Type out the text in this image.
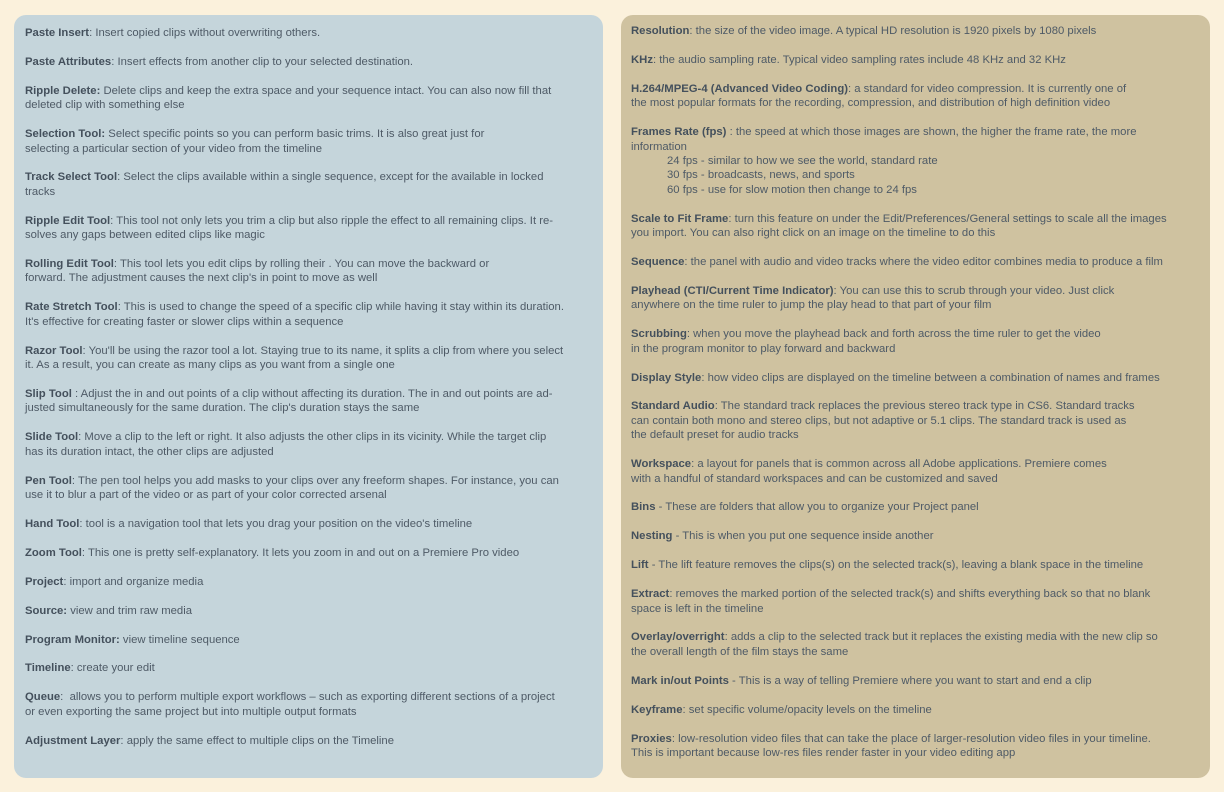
Paste Insert: Insert copied clips without overwriting others.
Paste Attributes: Insert effects from another clip to your selected destination.
Ripple Delete: Delete clips and keep the extra space and your sequence intact. You can also now fill that
deleted clip with something else
Selection Tool: Select specific points so you can perform basic trims. It is also great just for
selecting a particular section of your video from the timeline
Track Select Tool: Select the clips available within a single sequence, except for the available in locked
tracks
Ripple Edit Tool: This tool not only lets you trim a clip but also ripple the effect to all remaining clips. It re-
solves any gaps between edited clips like magic
Rolling Edit Tool: This tool lets you edit clips by rolling their . You can move the backward or
forward. The adjustment causes the next clip's in point to move as well
Rate Stretch Tool: This is used to change the speed of a specific clip while having it stay within its duration.
It's effective for creating faster or slower clips within a sequence
Razor Tool: You'll be using the razor tool a lot. Staying true to its name, it splits a clip from where you select
it. As a result, you can create as many clips as you want from a single one
Slip Tool : Adjust the in and out points of a clip without affecting its duration. The in and out points are ad-
justed simultaneously for the same duration. The clip's duration stays the same
Slide Tool: Move a clip to the left or right. It also adjusts the other clips in its vicinity. While the target clip
has its duration intact, the other clips are adjusted
Pen Tool: The pen tool helps you add masks to your clips over any freeform shapes. For instance, you can
use it to blur a part of the video or as part of your color corrected arsenal
Hand Tool: tool is a navigation tool that lets you drag your position on the video's timeline
Zoom Tool: This one is pretty self-explanatory. It lets you zoom in and out on a Premiere Pro video
Project: import and organize media
Source: view and trim raw media
Program Monitor: view timeline sequence
Timeline: create your edit
Queue:  allows you to perform multiple export workflows – such as exporting different sections of a project
or even exporting the same project but into multiple output formats
Adjustment Layer: apply the same effect to multiple clips on the Timeline
Resolution: the size of the video image. A typical HD resolution is 1920 pixels by 1080 pixels
KHz: the audio sampling rate. Typical video sampling rates include 48 KHz and 32 KHz
H.264/MPEG-4 (Advanced Video Coding): a standard for video compression. It is currently one of
the most popular formats for the recording, compression, and distribution of high definition video
Frames Rate (fps) : the speed at which those images are shown, the higher the frame rate, the more
information
24 fps - similar to how we see the world, standard rate
30 fps - broadcasts, news, and sports
60 fps - use for slow motion then change to 24 fps
Scale to Fit Frame: turn this feature on under the Edit/Preferences/General settings to scale all the images
you import. You can also right click on an image on the timeline to do this
Sequence: the panel with audio and video tracks where the video editor combines media to produce a film
Playhead (CTI/Current Time Indicator): You can use this to scrub through your video. Just click
anywhere on the time ruler to jump the play head to that part of your film
Scrubbing: when you move the playhead back and forth across the time ruler to get the video
in the program monitor to play forward and backward
Display Style: how video clips are displayed on the timeline between a combination of names and frames
Standard Audio: The standard track replaces the previous stereo track type in CS6. Standard tracks
can contain both mono and stereo clips, but not adaptive or 5.1 clips. The standard track is used as
the default preset for audio tracks
Workspace: a layout for panels that is common across all Adobe applications. Premiere comes
with a handful of standard workspaces and can be customized and saved
Bins - These are folders that allow you to organize your Project panel
Nesting - This is when you put one sequence inside another
Lift - The lift feature removes the clips(s) on the selected track(s), leaving a blank space in the timeline
Extract: removes the marked portion of the selected track(s) and shifts everything back so that no blank
space is left in the timeline
Overlay/overright: adds a clip to the selected track but it replaces the existing media with the new clip so
the overall length of the film stays the same
Mark in/out Points - This is a way of telling Premiere where you want to start and end a clip
Keyframe: set specific volume/opacity levels on the timeline
Proxies: low-resolution video files that can take the place of larger-resolution video files in your timeline.
This is important because low-res files render faster in your video editing app
